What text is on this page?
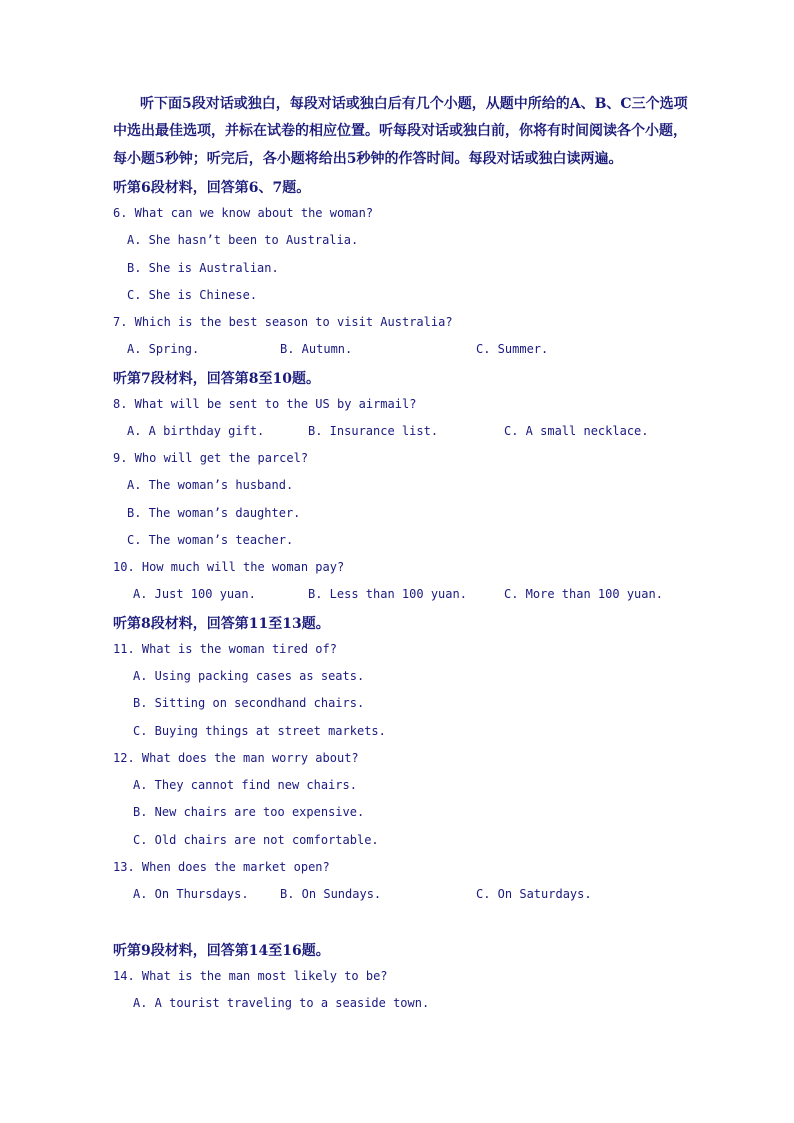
听下面5段对话或独白，每段对话或独白后有几个小题，从题中所给的A、B、C三个选项中选出最佳选项，并标在试卷的相应位置。听每段对话或独白前，你将有时间阅读各个小题，每小题5秒钟；听完后，各小题将给出5秒钟的作答时间。每段对话或独白读两遍。
听第6段材料，回答第6、7题。
6. What can we know about the woman?
A. She hasn’t been to Australia.
B. She is Australian.
C. She is Chinese.
7. Which is the best season to visit Australia?
A. Spring.	B. Autumn.	C. Summer.
听第7段材料，回答第8至10题。
8. What will be sent to the US by airmail?
A. A birthday gift.	B. Insurance list.	C. A small necklace.
9. Who will get the parcel?
A. The woman’s husband.
B. The woman’s daughter.
C. The woman’s teacher.
10. How much will the woman pay?
A. Just 100 yuan.	B. Less than 100 yuan.	C. More than 100 yuan.
听第8段材料，回答第11至13题。
11. What is the woman tired of?
A. Using packing cases as seats.
B. Sitting on secondhand chairs.
C. Buying things at street markets.
12. What does the man worry about?
A. They cannot find new chairs.
B. New chairs are too expensive.
C. Old chairs are not comfortable.
13. When does the market open?
A. On Thursdays.	B. On Sundays.	C. On Saturdays.
听第9段材料，回答第14至16题。
14. What is the man most likely to be?
A. A tourist traveling to a seaside town.
